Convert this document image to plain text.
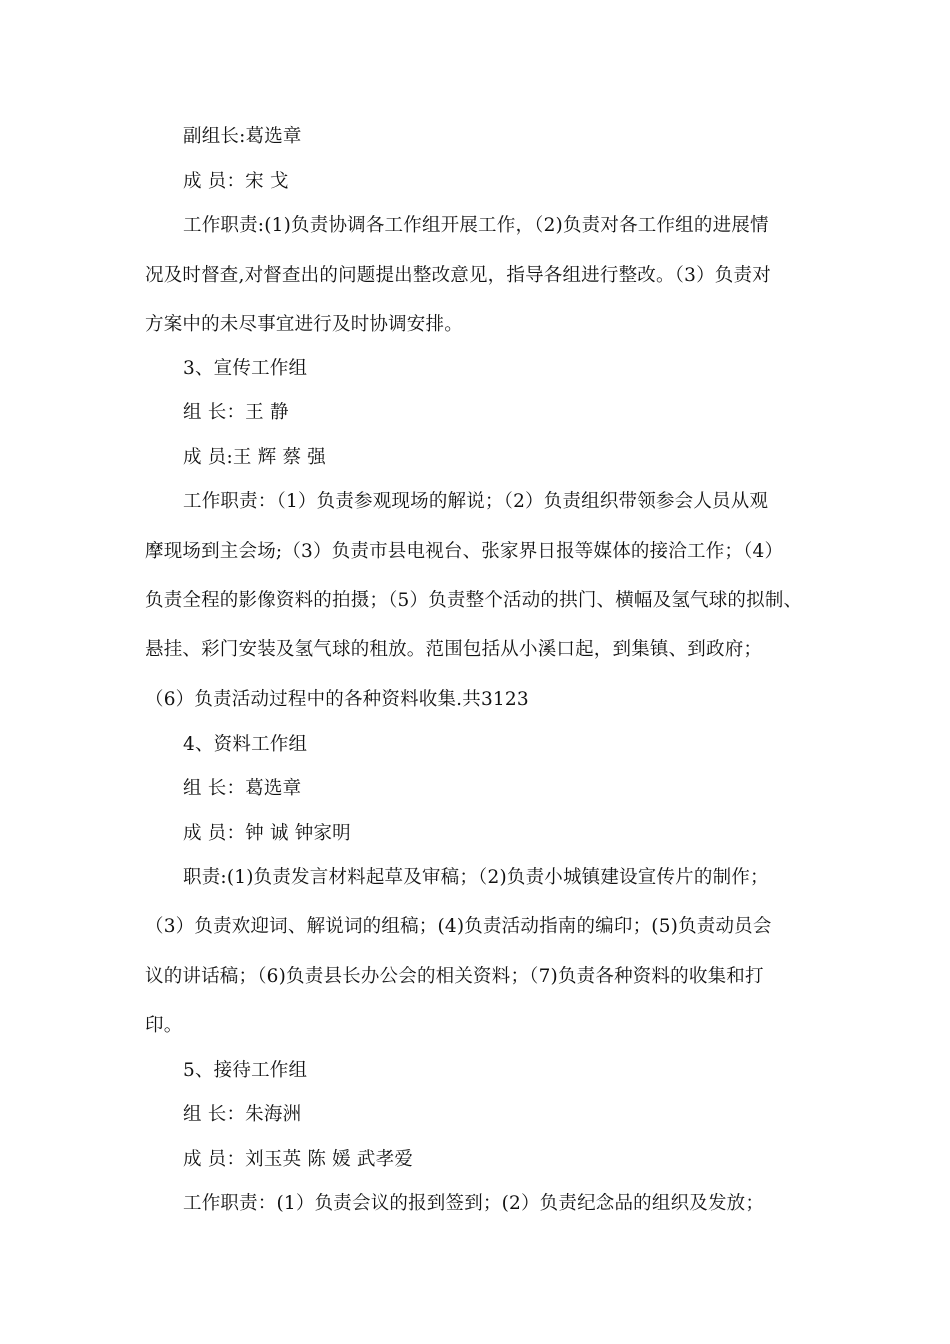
副组长:葛选章
成 员：宋 戈
工作职责:(1)负责协调各工作组开展工作，（2)负责对各工作组的进展情
况及时督查,对督查出的问题提出整改意见，指导各组进行整改。（3）负责对
方案中的未尽事宜进行及时协调安排。
3、宣传工作组
组 长：王 静
成 员:王 辉 蔡 强
工作职责：（1）负责参观现场的解说；（2）负责组织带领参会人员从观
摩现场到主会场;（3）负责市县电视台、张家界日报等媒体的接洽工作；（4）
负责全程的影像资料的拍摄；（5）负责整个活动的拱门、横幅及氢气球的拟制、
悬挂、彩门安装及氢气球的租放。范围包括从小溪口起，到集镇、到政府；
（6）负责活动过程中的各种资料收集.共3123
4、资料工作组
组 长：葛选章
成 员：钟 诚 钟家明
职责:(1)负责发言材料起草及审稿；（2)负责小城镇建设宣传片的制作；
（3）负责欢迎词、解说词的组稿；(4)负责活动指南的编印；(5)负责动员会
议的讲话稿；（6)负责县长办公会的相关资料；（7)负责各种资料的收集和打
印。
5、接待工作组
组 长：朱海洲
成 员：刘玉英 陈 媛 武孝爱
工作职责：(1）负责会议的报到签到；(2）负责纪念品的组织及发放；
